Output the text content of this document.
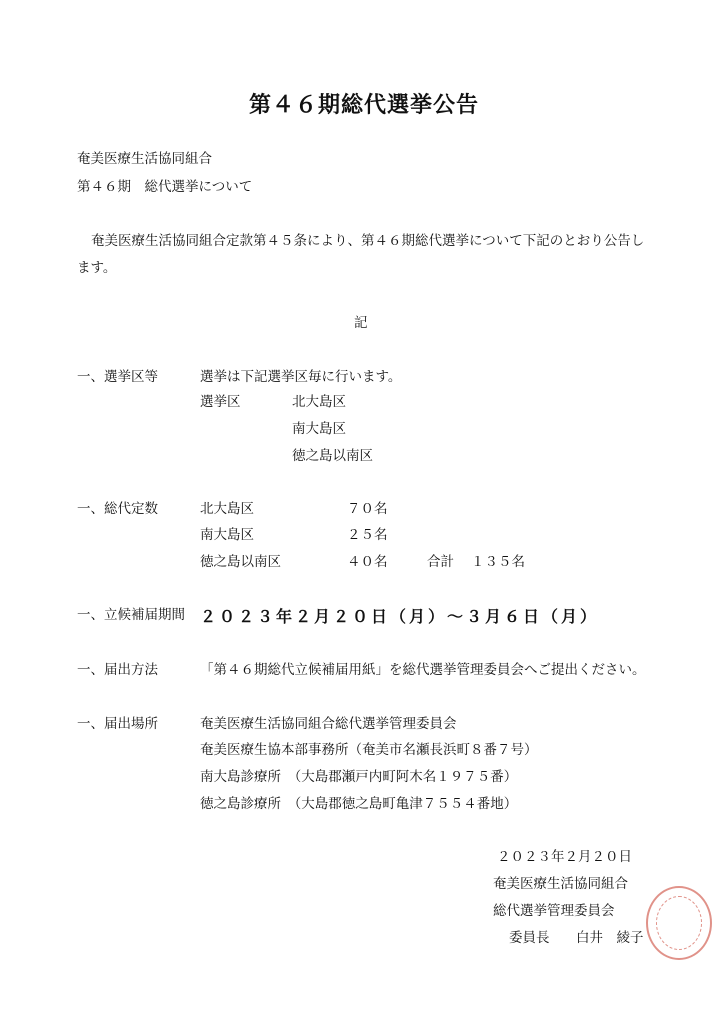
第４６期総代選挙公告
奄美医療生活協同組合
第４６期　総代選挙について
奄美医療生活協同組合定款第４５条により、第４６期総代選挙について下記のとおり公告し
ます。
記
一、選挙区等	選挙は下記選挙区毎に行います。
選挙区	北大島区
南大島区
徳之島以南区
一、総代定数	北大島区	７０名
南大島区	２５名
徳之島以南区	４０名	合計 １３５名
一、立候補届期間 ２０２３年２月２０日（月）～３月６日（月）
一、届出方法	「第４６期総代立候補届用紙」を総代選挙管理委員会へご提出ください。
一、届出場所	奄美医療生活協同組合総代選挙管理委員会
奄美医療生協本部事務所（奄美市名瀬長浜町８番７号）
南大島診療所　（大島郡瀬戸内町阿木名１９７５番）
徳之島診療所　（大島郡徳之島町亀津７５５４番地）
２０２３年２月２０日
奄美医療生活協同組合
総代選挙管理委員会
委員長 白井　綾子
